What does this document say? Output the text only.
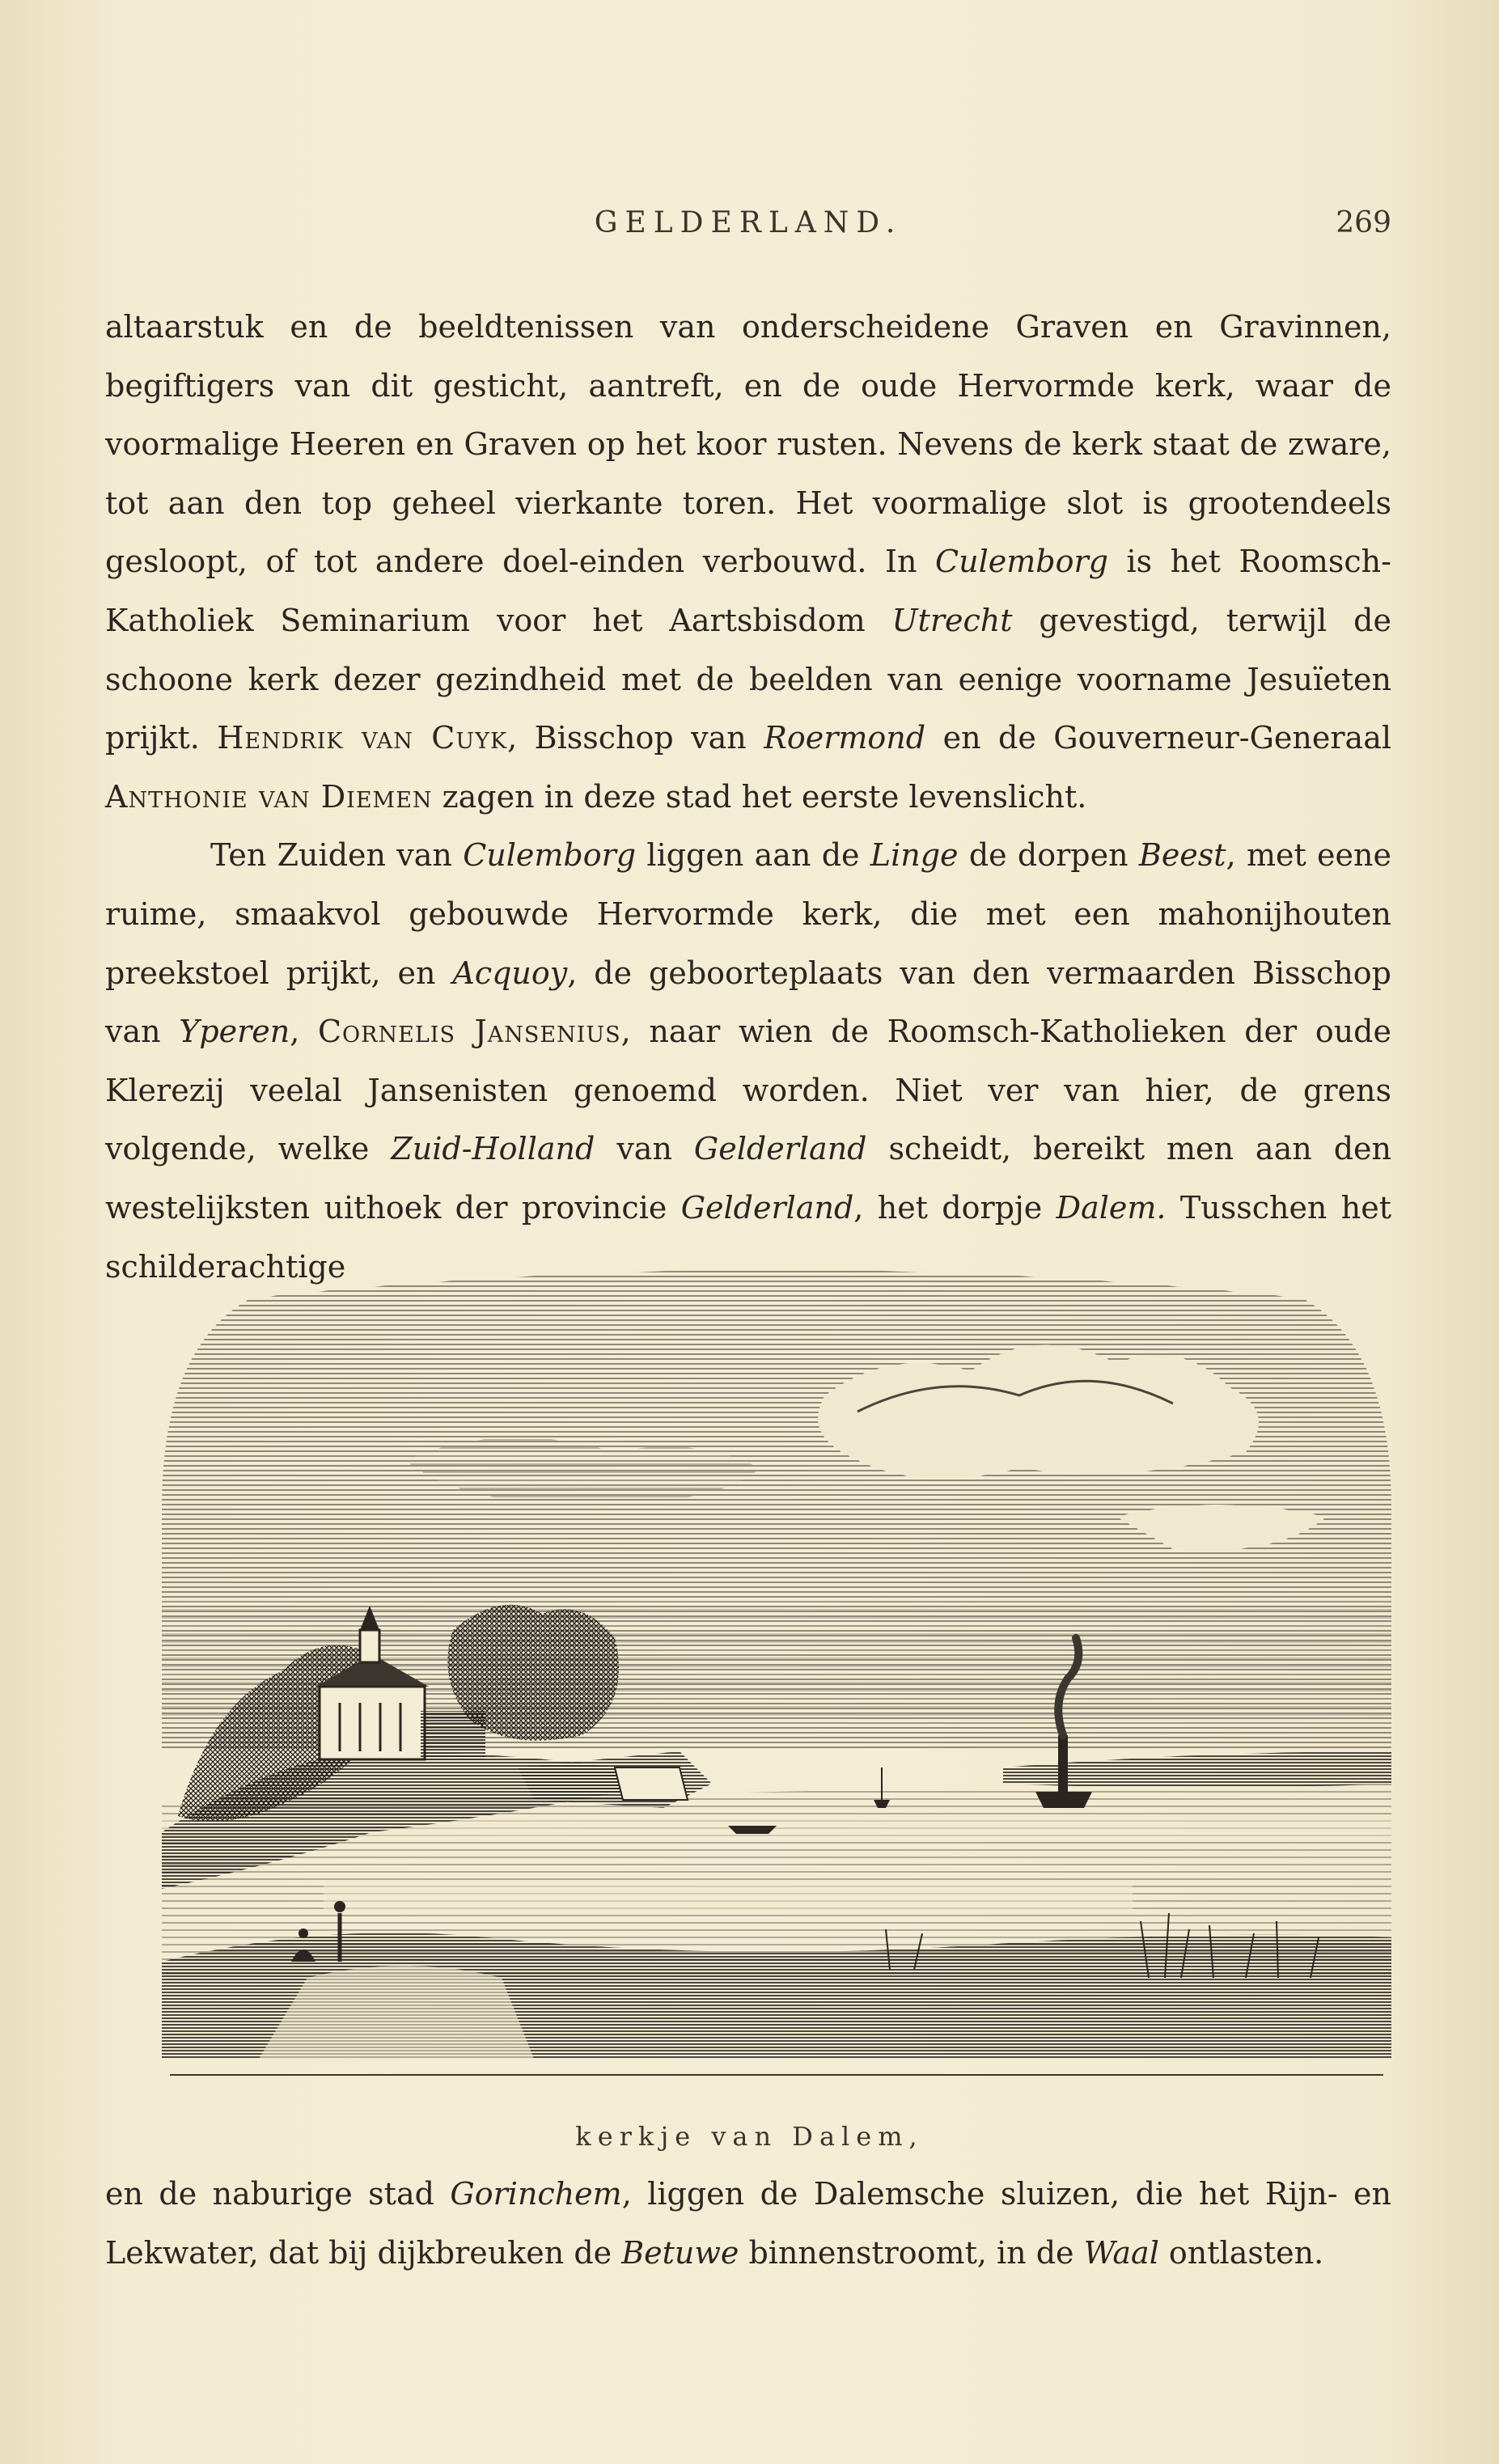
GELDERLAND.	269

altaarstuk en de beeldtenissen van onderscheidene Graven en Gravinnen, begiftigers van dit gesticht, aantreft, en de oude Hervormde kerk, waar de voormalige Heeren en Graven op het koor rusten. Nevens de kerk staat de zware, tot aan den top geheel vierkante toren. Het voormalige slot is grootendeels gesloopt, of tot andere doel-einden verbouwd. In Culemborg is het Roomsch-Katholiek Seminarium voor het Aartsbisdom Utrecht gevestigd, terwijl de schoone kerk dezer gezindheid met de beelden van eenige voorname Jesuïeten prijkt. Hendrik van Cuyk, Bisschop van Roermond en de Gouverneur-Generaal Anthonie van Diemen zagen in deze stad het eerste levenslicht.

Ten Zuiden van Culemborg liggen aan de Linge de dorpen Beest, met eene ruime, smaakvol gebouwde Hervormde kerk, die met een mahonijhouten preekstoel prijkt, en Acquoy, de geboorteplaats van den vermaarden Bisschop van Yperen, Cornelis Jansenius, naar wien de Roomsch-Katholieken der oude Klerezij veelal Jansenisten genoemd worden. Niet ver van hier, de grens volgende, welke Zuid-Holland van Gelderland scheidt, bereikt men aan den westelijksten uithoek der provincie Gelderland, het dorpje Dalem. Tusschen het schilderachtige

kerkje van Dalem,

en de naburige stad Gorinchem, liggen de Dalemsche sluizen, die het Rijn- en Lekwater, dat bij dijkbreuken de Betuwe binnenstroomt, in de Waal ontlasten.
